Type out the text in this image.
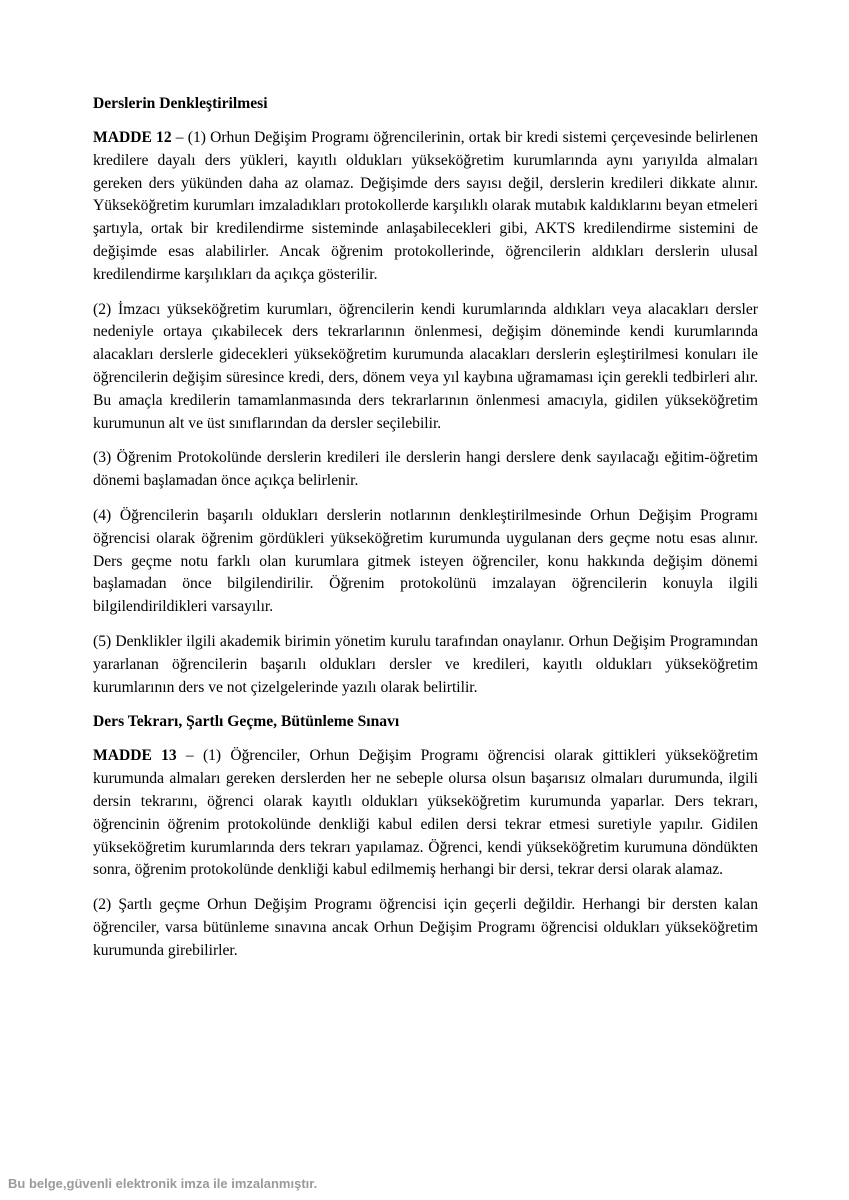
Derslerin Denkleştirilmesi

MADDE 12 – (1) Orhun Değişim Programı öğrencilerinin, ortak bir kredi sistemi çerçevesinde belirlenen kredilere dayalı ders yükleri, kayıtlı oldukları yükseköğretim kurumlarında aynı yarıyılda almaları gereken ders yükünden daha az olamaz. Değişimde ders sayısı değil, derslerin kredileri dikkate alınır. Yükseköğretim kurumları imzaladıkları protokollerde karşılıklı olarak mutabık kaldıklarını beyan etmeleri şartıyla, ortak bir kredilendirme sisteminde anlaşabilecekleri gibi, AKTS kredilendirme sistemini de değişimde esas alabilirler. Ancak öğrenim protokollerinde, öğrencilerin aldıkları derslerin ulusal kredilendirme karşılıkları da açıkça gösterilir.

(2) İmzacı yükseköğretim kurumları, öğrencilerin kendi kurumlarında aldıkları veya alacakları dersler nedeniyle ortaya çıkabilecek ders tekrarlarının önlenmesi, değişim döneminde kendi kurumlarında alacakları derslerle gidecekleri yükseköğretim kurumunda alacakları derslerin eşleştirilmesi konuları ile öğrencilerin değişim süresince kredi, ders, dönem veya yıl kaybına uğramaması için gerekli tedbirleri alır. Bu amaçla kredilerin tamamlanmasında ders tekrarlarının önlenmesi amacıyla, gidilen yükseköğretim kurumunun alt ve üst sınıflarından da dersler seçilebilir.

(3) Öğrenim Protokolünde derslerin kredileri ile derslerin hangi derslere denk sayılacağı eğitim-öğretim dönemi başlamadan önce açıkça belirlenir.

(4) Öğrencilerin başarılı oldukları derslerin notlarının denkleştirilmesinde Orhun Değişim Programı öğrencisi olarak öğrenim gördükleri yükseköğretim kurumunda uygulanan ders geçme notu esas alınır. Ders geçme notu farklı olan kurumlara gitmek isteyen öğrenciler, konu hakkında değişim dönemi başlamadan önce bilgilendirilir. Öğrenim protokolünü imzalayan öğrencilerin konuyla ilgili bilgilendirildikleri varsayılır.

(5) Denklikler ilgili akademik birimin yönetim kurulu tarafından onaylanır. Orhun Değişim Programından yararlanan öğrencilerin başarılı oldukları dersler ve kredileri, kayıtlı oldukları yükseköğretim kurumlarının ders ve not çizelgelerinde yazılı olarak belirtilir.

Ders Tekrarı, Şartlı Geçme, Bütünleme Sınavı

MADDE 13 – (1) Öğrenciler, Orhun Değişim Programı öğrencisi olarak gittikleri yükseköğretim kurumunda almaları gereken derslerden her ne sebeple olursa olsun başarısız olmaları durumunda, ilgili dersin tekrarını, öğrenci olarak kayıtlı oldukları yükseköğretim kurumunda yaparlar. Ders tekrarı, öğrencinin öğrenim protokolünde denkliği kabul edilen dersi tekrar etmesi suretiyle yapılır. Gidilen yükseköğretim kurumlarında ders tekrarı yapılamaz. Öğrenci, kendi yükseköğretim kurumuna döndükten sonra, öğrenim protokolünde denkliği kabul edilmemiş herhangi bir dersi, tekrar dersi olarak alamaz.

(2) Şartlı geçme Orhun Değişim Programı öğrencisi için geçerli değildir. Herhangi bir dersten kalan öğrenciler, varsa bütünleme sınavına ancak Orhun Değişim Programı öğrencisi oldukları yükseköğretim kurumunda girebilirler.

Bu belge,güvenli elektronik imza ile imzalanmıştır.
